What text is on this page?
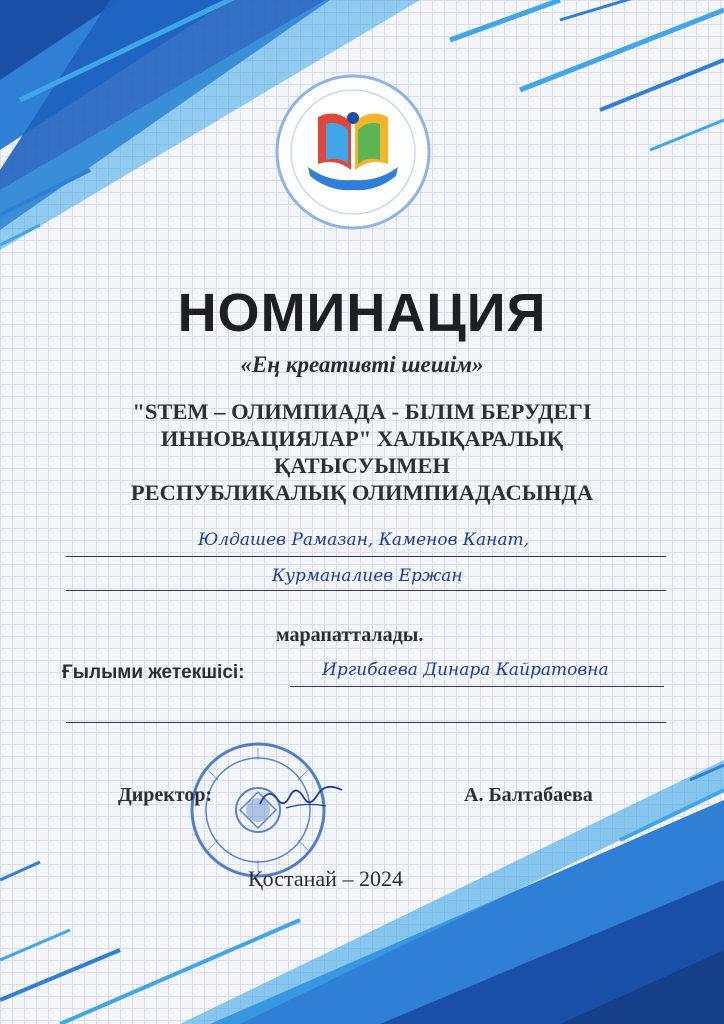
НОМИНАЦИЯ
«Ең креативті шешім»
"STEM – ОЛИМПИАДА - БІЛІМ БЕРУДЕГІ
ИННОВАЦИЯЛАР" ХАЛЫҚАРАЛЫҚ
ҚАТЫСУЫМЕН
РЕСПУБЛИКАЛЫҚ ОЛИМПИАДАСЫНДА
Юлдашев Рамазан, Каменов Канат,
Курманалиев Ержан
марапатталады.
Ғылыми жетекшісі:	Иргибаева Динара Кайратовна
Директор:	А. Балтабаева
Қостанай – 2024
